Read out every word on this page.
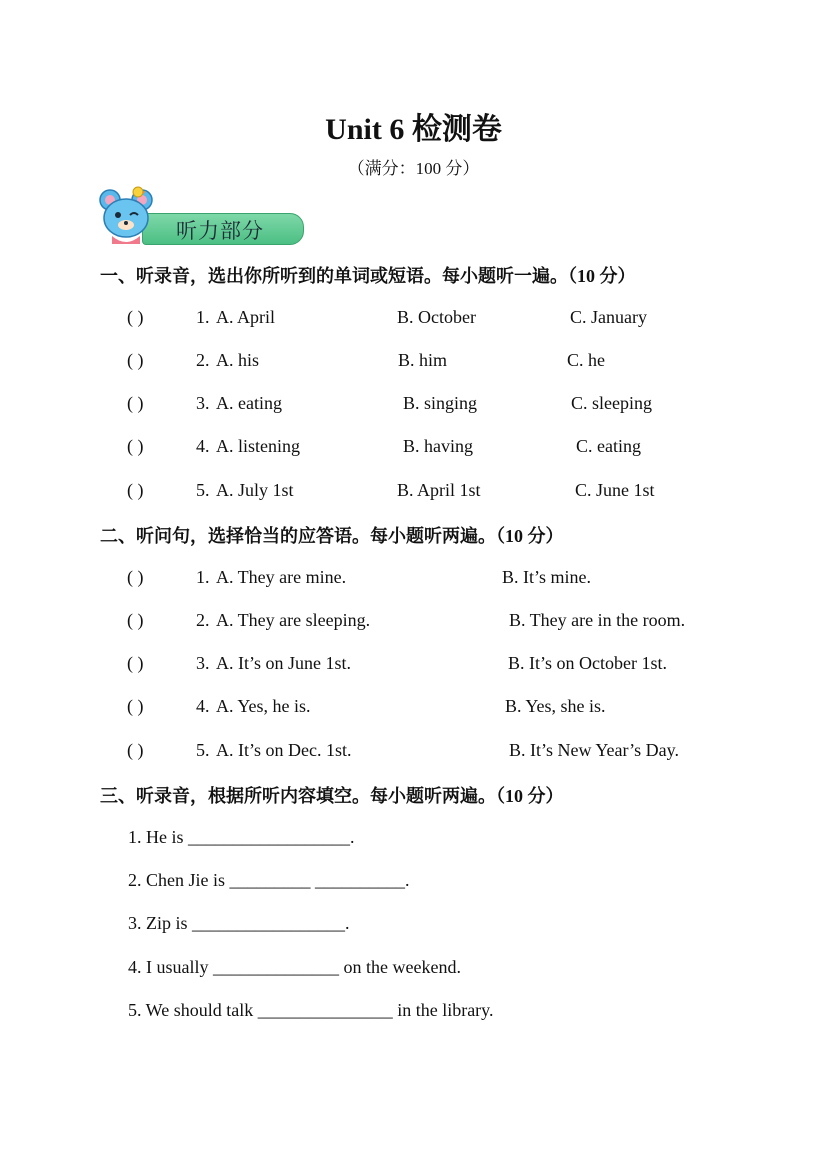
Unit 6 检测卷
（满分：100 分）
听力部分
一、听录音，选出你所听到的单词或短语。每小题听一遍。（10 分）
( )	1. A. April	B. October	C. January
( )	2. A. his	B. him	C. he
( )	3. A. eating	B. singing	C. sleeping
( )	4. A. listening	B. having	C. eating
( )	5. A. July 1st	B. April 1st	C. June 1st
二、听问句，选择恰当的应答语。每小题听两遍。（10 分）
( )	1. A. They are mine.	B. It’s mine.
( )	2. A. They are sleeping.	B. They are in the room.
( )	3. A. It’s on June 1st.	B. It’s on October 1st.
( )	4. A. Yes, he is.	B. Yes, she is.
( )	5. A. It’s on Dec. 1st.	B. It’s New Year’s Day.
三、听录音，根据所听内容填空。每小题听两遍。（10 分）
1. He is __________________.
2. Chen Jie is _________ __________.
3. Zip is _________________.
4. I usually ______________ on the weekend.
5. We should talk _______________ in the library.
